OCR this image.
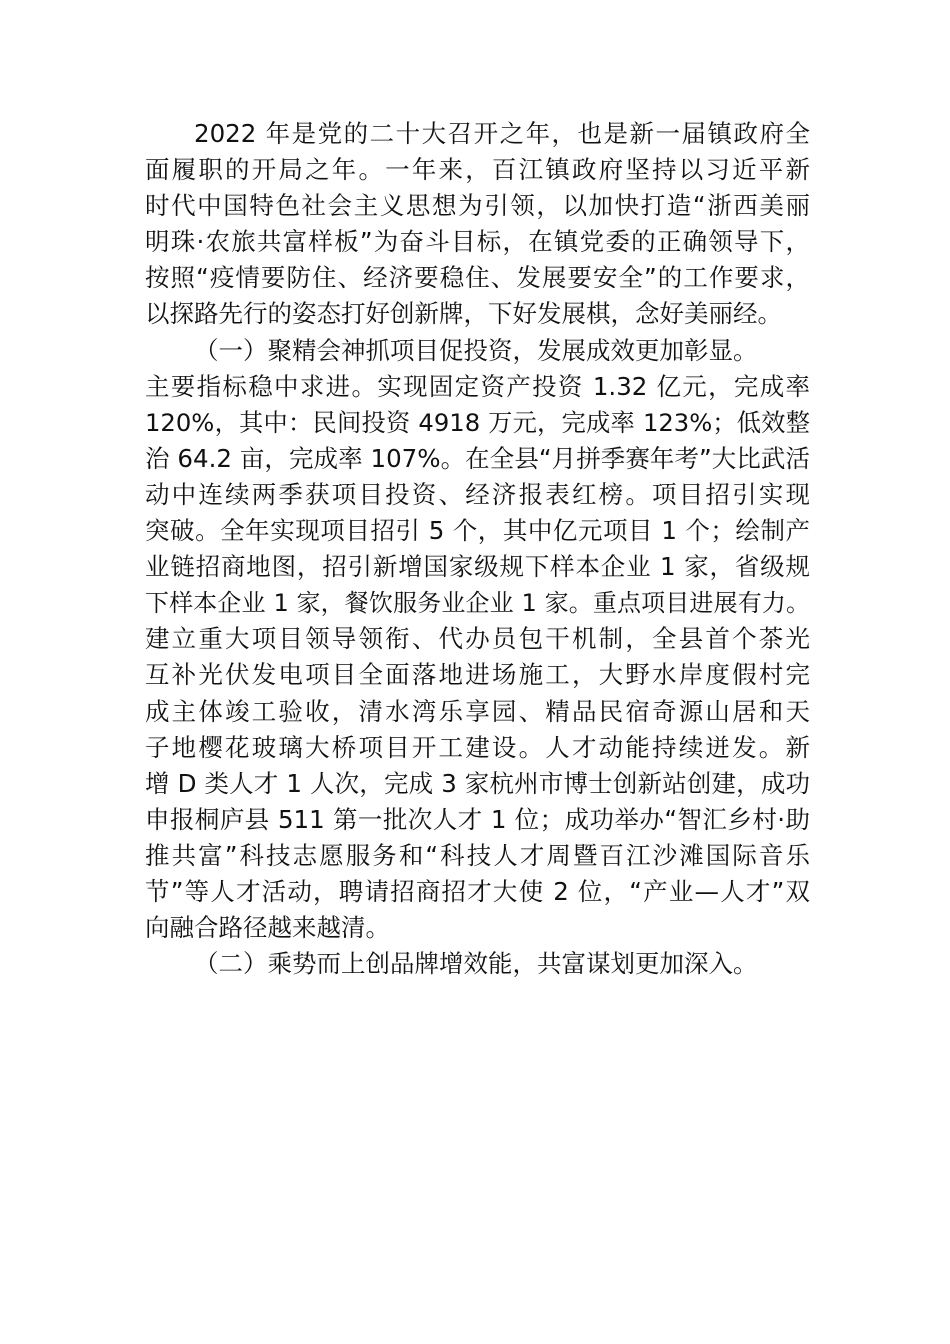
2022 年是党的二十大召开之年，也是新一届镇政府全
面履职的开局之年。一年来，百江镇政府坚持以习近平新
时代中国特色社会主义思想为引领，以加快打造“浙西美丽
明珠·农旅共富样板”为奋斗目标，在镇党委的正确领导下，
按照“疫情要防住、经济要稳住、发展要安全”的工作要求，
以探路先行的姿态打好创新牌，下好发展棋，念好美丽经。
（一）聚精会神抓项目促投资，发展成效更加彰显。
主要指标稳中求进。实现固定资产投资 1.32 亿元，完成率
120%，其中：民间投资 4918 万元，完成率 123%；低效整
治 64.2 亩，完成率 107%。在全县“月拼季赛年考”大比武活
动中连续两季获项目投资、经济报表红榜。项目招引实现
突破。全年实现项目招引 5 个，其中亿元项目 1 个；绘制产
业链招商地图，招引新增国家级规下样本企业 1 家，省级规
下样本企业 1 家，餐饮服务业企业 1 家。重点项目进展有力。
建立重大项目领导领衔、代办员包干机制，全县首个茶光
互补光伏发电项目全面落地进场施工，大野水岸度假村完
成主体竣工验收，清水湾乐享园、精品民宿奇源山居和天
子地樱花玻璃大桥项目开工建设。人才动能持续迸发。新
增 D 类人才 1 人次，完成 3 家杭州市博士创新站创建，成功
申报桐庐县 511 第一批次人才 1 位；成功举办“智汇乡村·助
推共富”科技志愿服务和“科技人才周暨百江沙滩国际音乐
节”等人才活动，聘请招商招才大使 2 位，“产业—人才”双
向融合路径越来越清。
（二）乘势而上创品牌增效能，共富谋划更加深入。
